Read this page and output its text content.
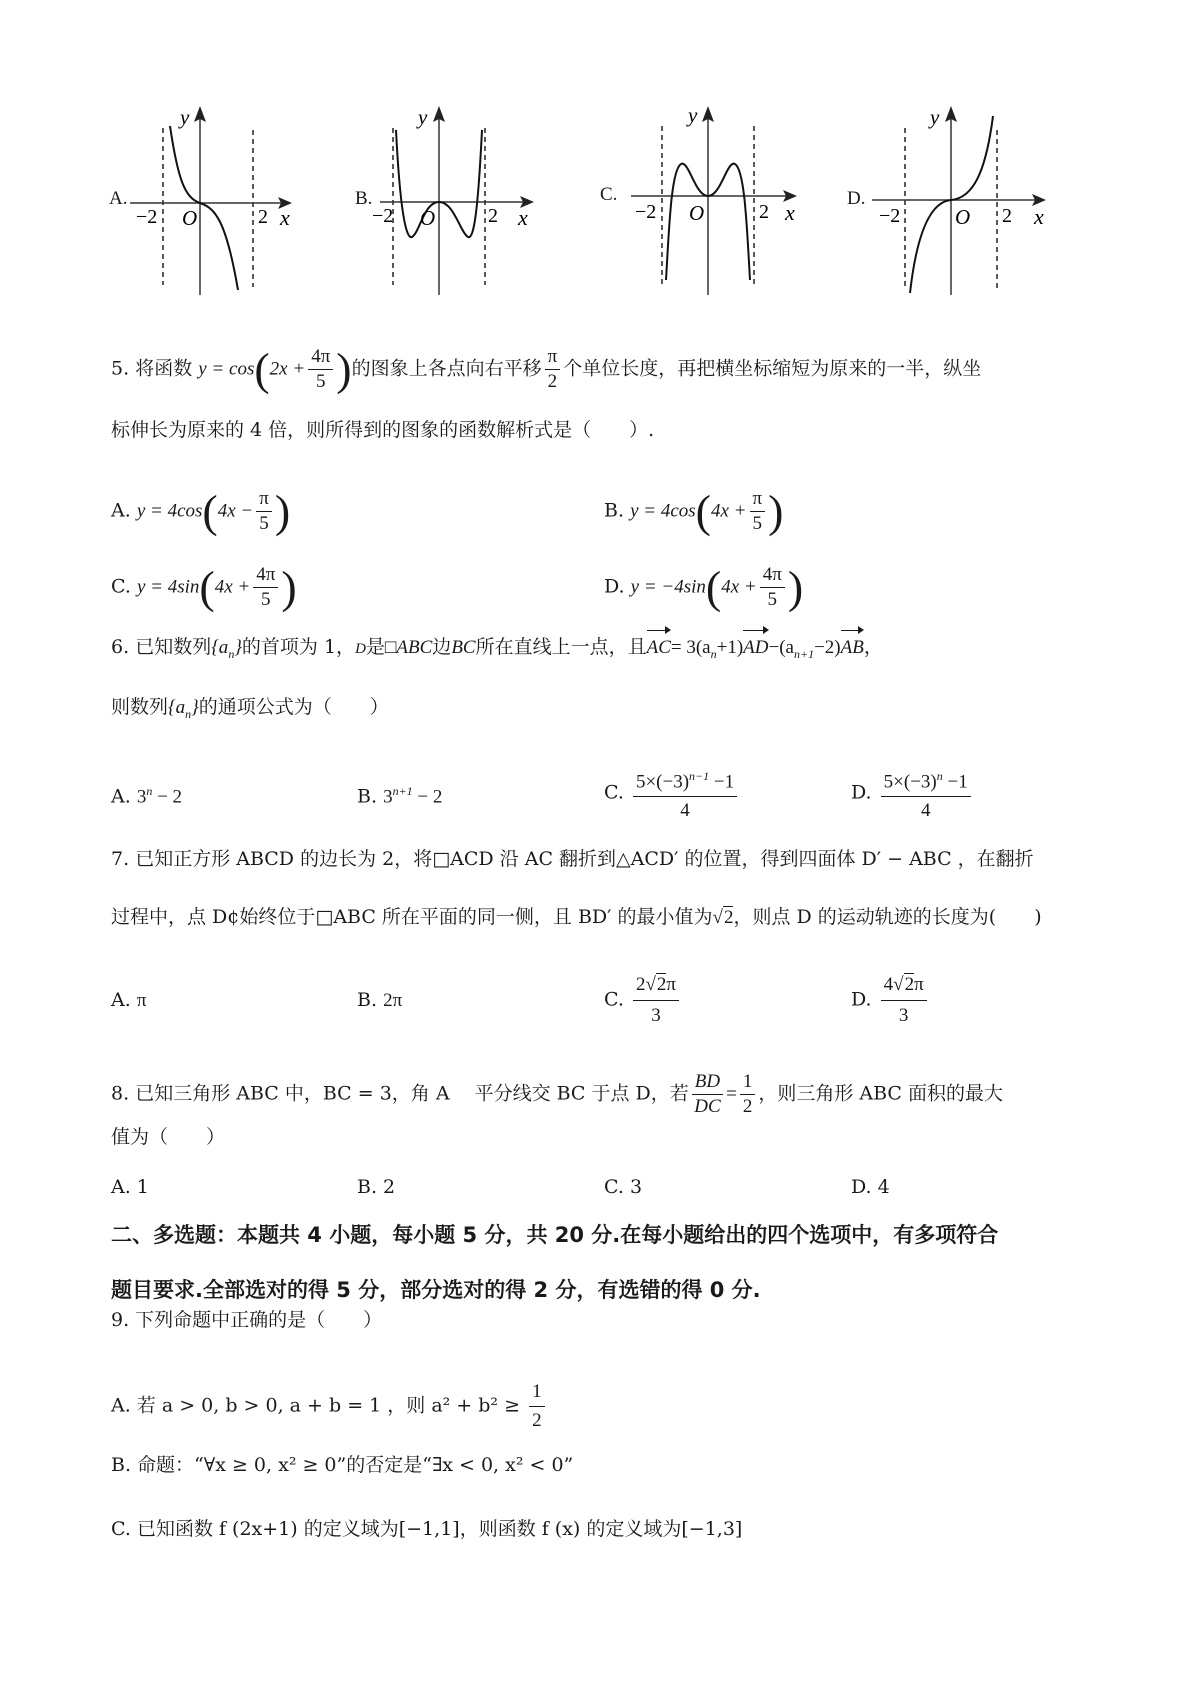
A.
y
x
O
−2	2
B.
y
x
O
−2	2
C.
y
x
O
−2	2
D.
y
x
O
−2	2
5. 将函数 $y = \cos(2x + \frac{4\pi}{5}$ )的图象上各点向右平移 $\frac{\pi}{2}$ 个单位长度，再把横坐标缩短为原来的一半，纵坐
标伸长为原来的 4 倍，则所得到的图象的函数解析式是（　　）.
A. $y = 4\cos(4x - \frac{\pi}{5}$ )	B. $y = 4\cos(4x + \frac{\pi}{5}$ )
C. $y = 4\sin(4x + \frac{4\pi}{5}$ )	D. $y = -4\sin(4x + \frac{4\pi}{5}$ )
6. 已知数列$\{a_n\}$的首项为 1，D是□ABC边BC所在直线上一点，且$AC= 3(a_n+1)AD-(a_{n+1}-2)AB$，
则数列$\{a_n\}$的通项公式为（　　）
A. $3^n - 2$	B. $3^{n+1} - 2$	C. $\frac{5\times(-3)^{n-1} -1}{4}$	D. $\frac{5\times(-3)^n -1}{4}$
7. 已知正方形 ABCD 的边长为 2，将□ACD 沿 AC 翻折到△ACD′ 的位置，得到四面体 D′ − ABC ，在翻折
过程中，点 D¢始终位于□ABC 所在平面的同一侧，且 BD′ 的最小值为√2，则点 D 的运动轨迹的长度为(　　)
A. π	B. 2π	C. $\frac{2√2\pi}{3}$	D. $\frac{4√2\pi}{3}$
8. 已知三角形 ABC 中，BC = 3，角 A　 平分线交 BC 于点 D，若 $\frac{BD}{DC} = \frac{1}{2}$ ，则三角形 ABC 面积的最大
值为（　　）
A. 1	B. 2	C. 3	D. 4
二、多选题：本题共 4 小题，每小题 5 分，共 20 分.在每小题给出的四个选项中，有多项符合
题目要求.全部选对的得 5 分，部分选对的得 2 分，有选错的得 0 分.
9. 下列命题中正确的是（　　）
A. 若 a > 0, b > 0, a + b = 1 ，则 $a^2 + b^2 \ge \frac{1}{2}$
B. 命题：“∀x ≥ 0, x² ≥ 0”的否定是“∃x < 0, x² < 0”
C. 已知函数 f (2x+1) 的定义域为[−1,1]，则函数 f (x) 的定义域为[−1,3]
